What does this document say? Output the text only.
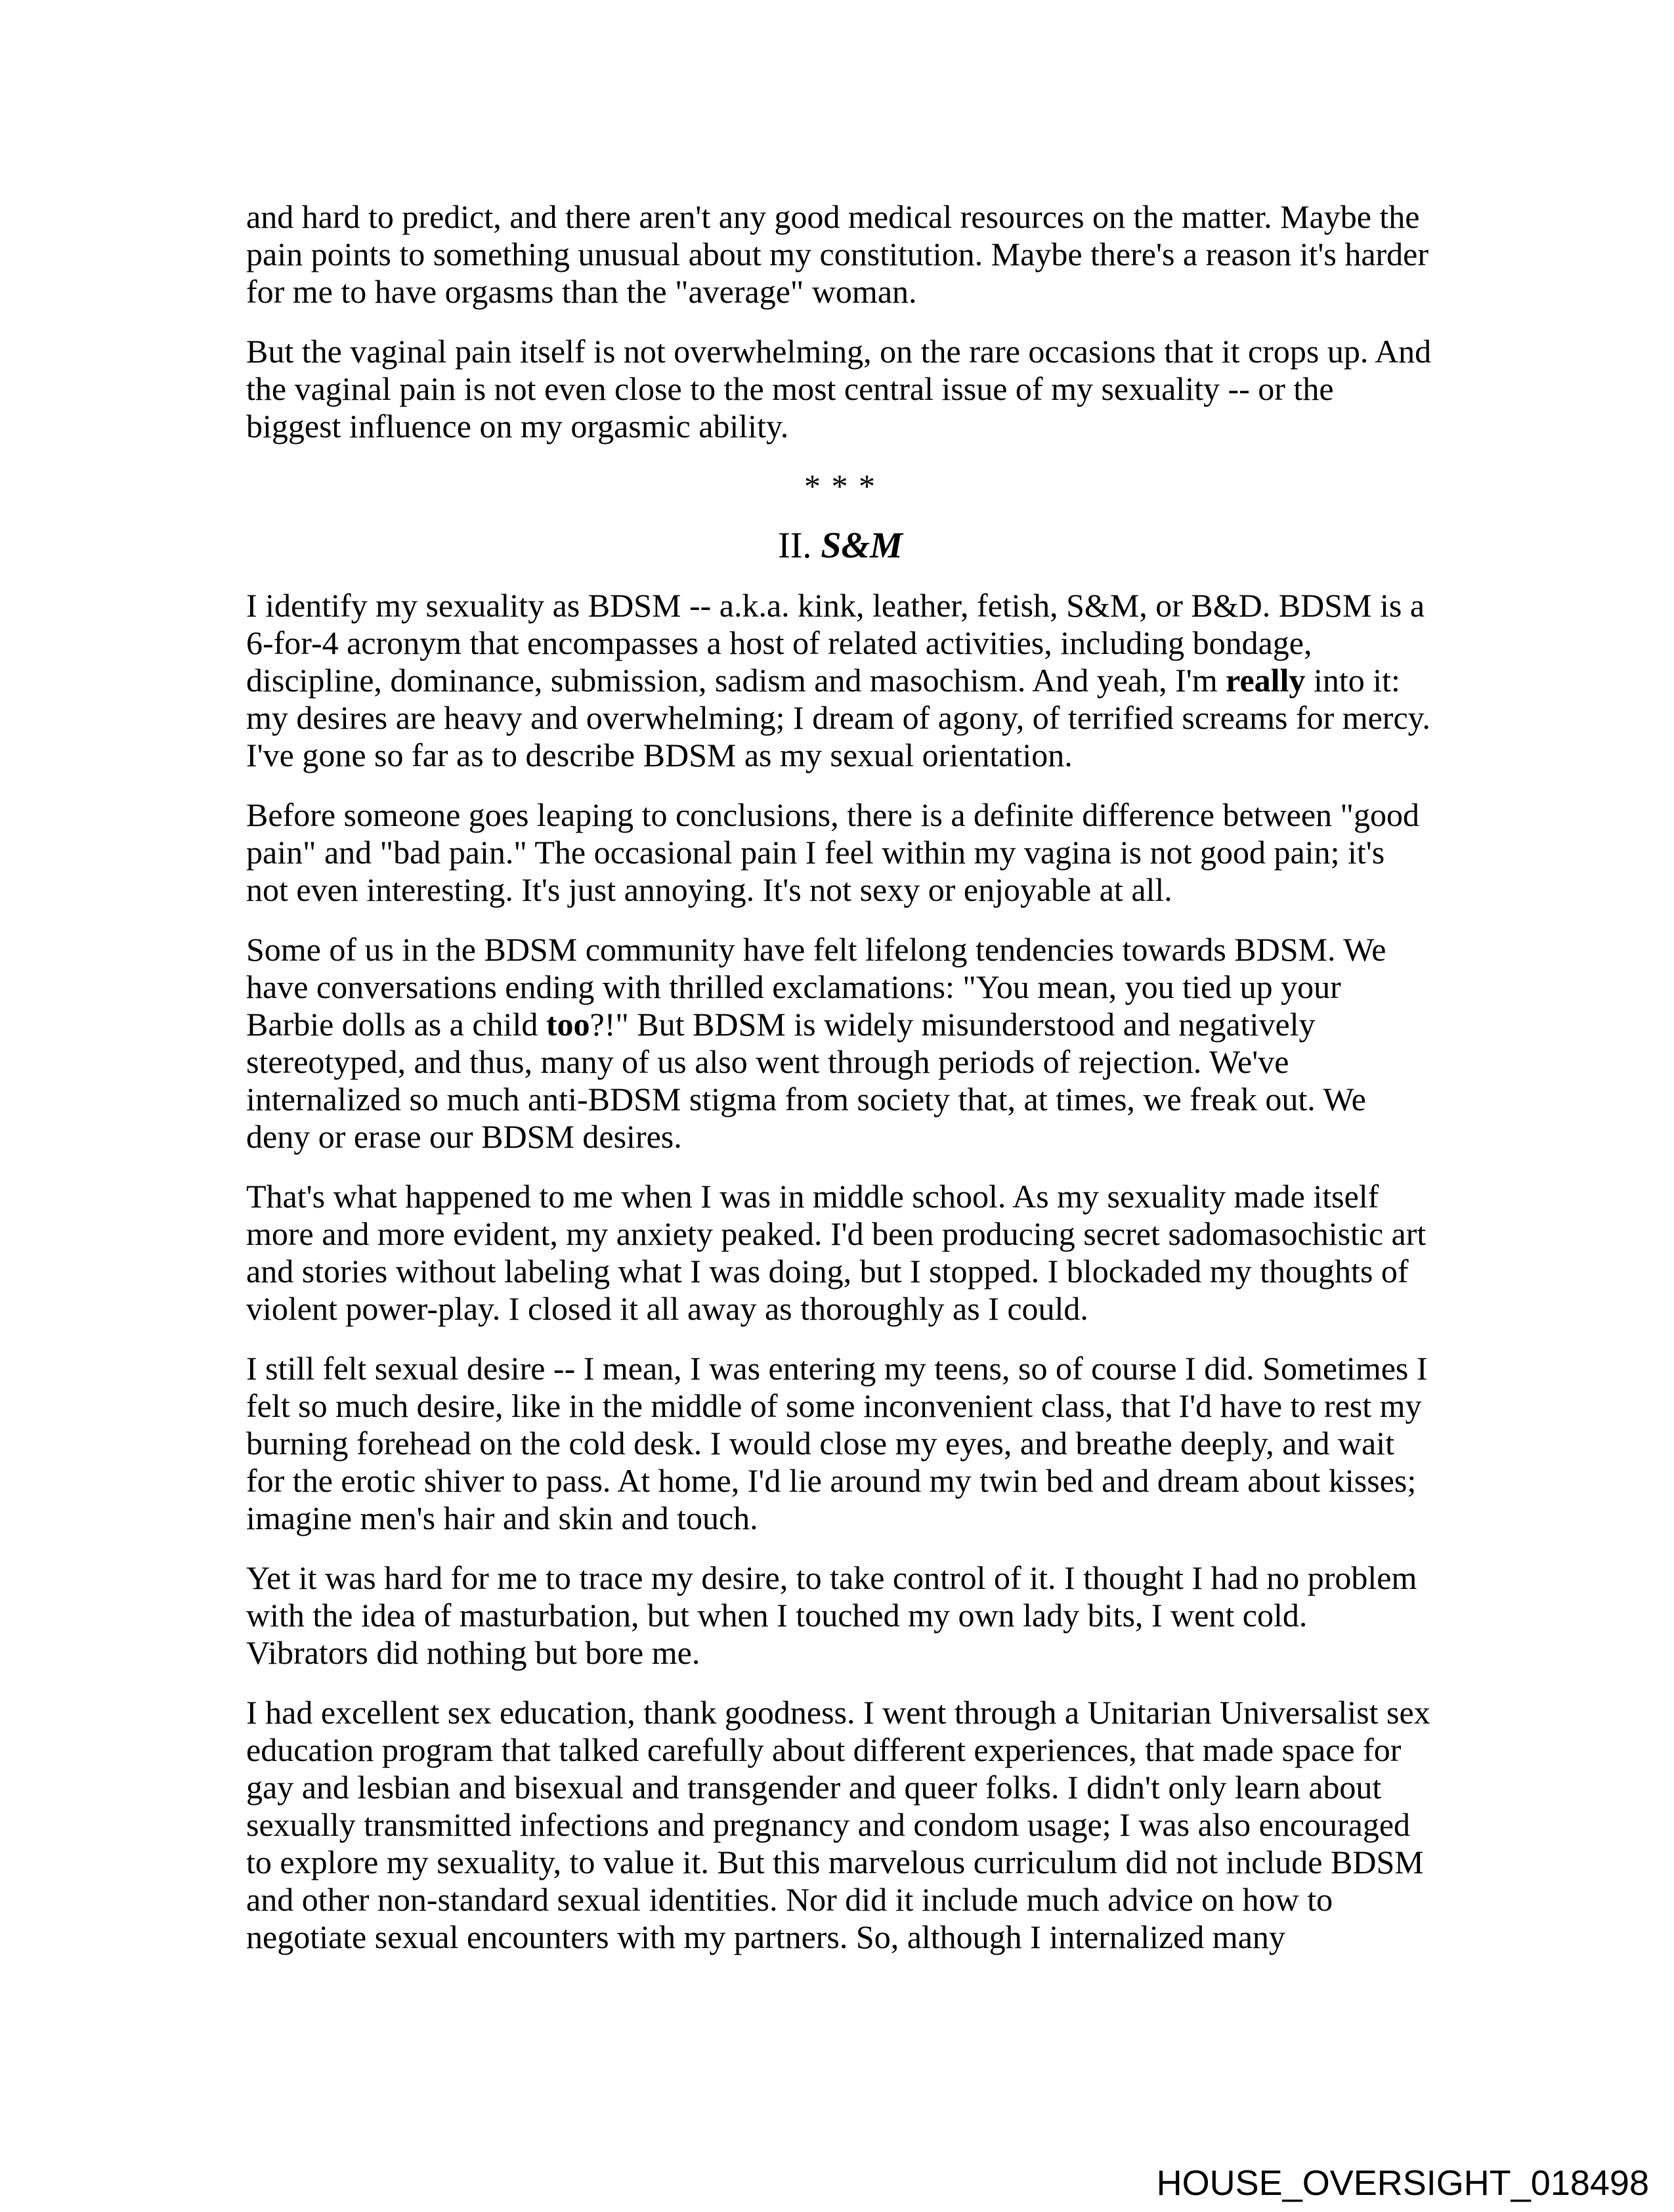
and hard to predict, and there aren't any good medical resources on the matter. Maybe the pain points to something unusual about my constitution. Maybe there's a reason it's harder for me to have orgasms than the "average" woman.

But the vaginal pain itself is not overwhelming, on the rare occasions that it crops up. And the vaginal pain is not even close to the most central issue of my sexuality -- or the biggest influence on my orgasmic ability.

* * *
II. S&M

I identify my sexuality as BDSM -- a.k.a. kink, leather, fetish, S&M, or B&D. BDSM is a 6-for-4 acronym that encompasses a host of related activities, including bondage, discipline, dominance, submission, sadism and masochism. And yeah, I'm really into it: my desires are heavy and overwhelming; I dream of agony, of terrified screams for mercy. I've gone so far as to describe BDSM as my sexual orientation.

Before someone goes leaping to conclusions, there is a definite difference between "good pain" and "bad pain." The occasional pain I feel within my vagina is not good pain; it's not even interesting. It's just annoying. It's not sexy or enjoyable at all.

Some of us in the BDSM community have felt lifelong tendencies towards BDSM. We have conversations ending with thrilled exclamations: "You mean, you tied up your Barbie dolls as a child too?!" But BDSM is widely misunderstood and negatively stereotyped, and thus, many of us also went through periods of rejection. We've internalized so much anti-BDSM stigma from society that, at times, we freak out. We deny or erase our BDSM desires.

That's what happened to me when I was in middle school. As my sexuality made itself more and more evident, my anxiety peaked. I'd been producing secret sadomasochistic art and stories without labeling what I was doing, but I stopped. I blockaded my thoughts of violent power-play. I closed it all away as thoroughly as I could.

I still felt sexual desire -- I mean, I was entering my teens, so of course I did. Sometimes I felt so much desire, like in the middle of some inconvenient class, that I'd have to rest my burning forehead on the cold desk. I would close my eyes, and breathe deeply, and wait for the erotic shiver to pass. At home, I'd lie around my twin bed and dream about kisses; imagine men's hair and skin and touch.

Yet it was hard for me to trace my desire, to take control of it. I thought I had no problem with the idea of masturbation, but when I touched my own lady bits, I went cold. Vibrators did nothing but bore me.

I had excellent sex education, thank goodness. I went through a Unitarian Universalist sex education program that talked carefully about different experiences, that made space for gay and lesbian and bisexual and transgender and queer folks. I didn't only learn about sexually transmitted infections and pregnancy and condom usage; I was also encouraged to explore my sexuality, to value it. But this marvelous curriculum did not include BDSM and other non-standard sexual identities. Nor did it include much advice on how to negotiate sexual encounters with my partners. So, although I internalized many

HOUSE_OVERSIGHT_018498
